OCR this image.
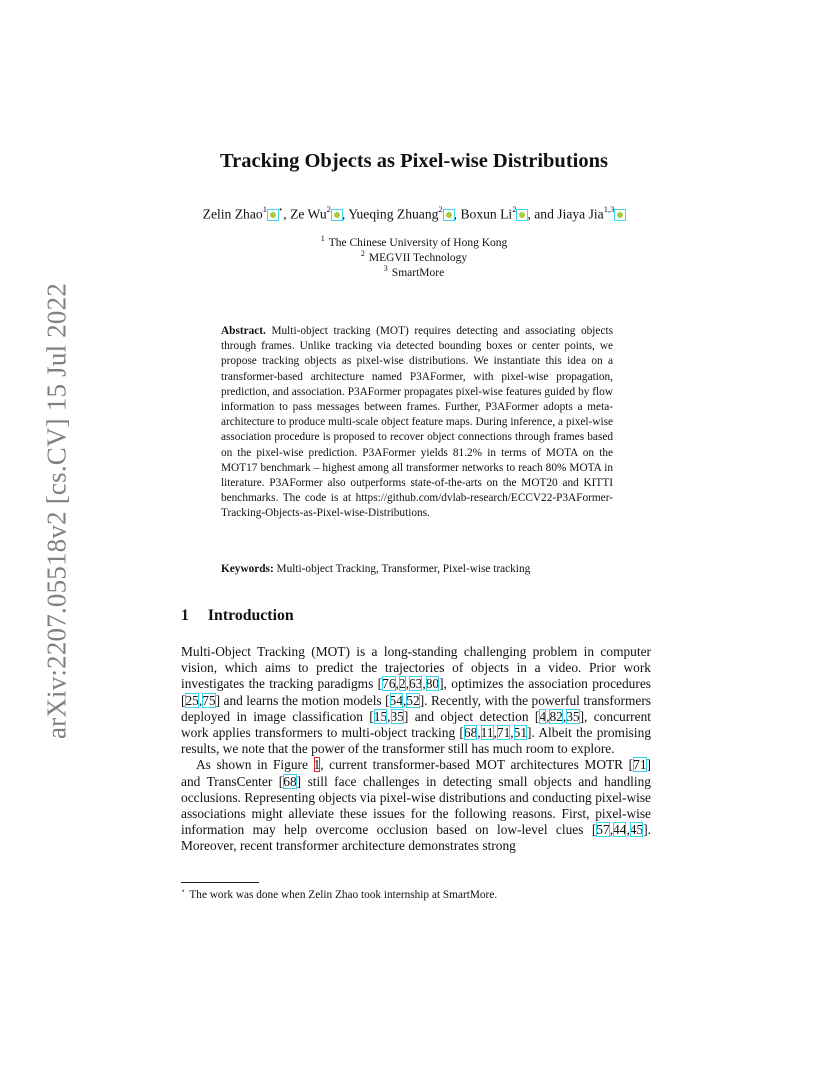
arXiv:2207.05518v2 [cs.CV] 15 Jul 2022
Tracking Objects as Pixel-wise Distributions
Zelin Zhao$^1$ ⋆, Ze Wu$^2$ , Yueqing Zhuang$^2$ , Boxun Li$^2$ , and Jiaya Jia$^{1,3}$
$^1$ The Chinese University of Hong Kong
$^2$ MEGVII Technology
$^3$ SmartMore
Abstract. Multi-object tracking (MOT) requires detecting and associating objects through frames. Unlike tracking via detected bounding boxes or center points, we propose tracking objects as pixel-wise distributions. We instantiate this idea on a transformer-based architecture named P3AFormer, with pixel-wise propagation, prediction, and association. P3AFormer propagates pixel-wise features guided by flow information to pass messages between frames. Further, P3AFormer adopts a meta-architecture to produce multi-scale object feature maps. During inference, a pixel-wise association procedure is proposed to recover object connections through frames based on the pixel-wise prediction. P3AFormer yields 81.2% in terms of MOTA on the MOT17 benchmark – highest among all transformer networks to reach 80% MOTA in literature. P3AFormer also outperforms state-of-the-arts on the MOT20 and KITTI benchmarks. The code is at https://github.com/dvlab-research/ECCV22-P3AFormer-Tracking-Objects-as-Pixel-wise-Distributions.
Keywords: Multi-object Tracking, Transformer, Pixel-wise tracking
1 Introduction

Multi-Object Tracking (MOT) is a long-standing challenging problem in computer vision, which aims to predict the trajectories of objects in a video. Prior work investigates the tracking paradigms [76,2,63,80], optimizes the association procedures [25,75] and learns the motion models [54,52]. Recently, with the powerful transformers deployed in image classification [15,35] and object detection [4,82,35], concurrent work applies transformers to multi-object tracking [68,11,71,51]. Albeit the promising results, we note that the power of the transformer still has much room to explore.

As shown in Figure 1, current transformer-based MOT architectures MOTR [71] and TransCenter [68] still face challenges in detecting small objects and handling occlusions. Representing objects via pixel-wise distributions and conducting pixel-wise associations might alleviate these issues for the following reasons. First, pixel-wise information may help overcome occlusion based on low-level clues [57,44,45]. Moreover, recent transformer architecture demonstrates strong

⋆ The work was done when Zelin Zhao took internship at SmartMore.
